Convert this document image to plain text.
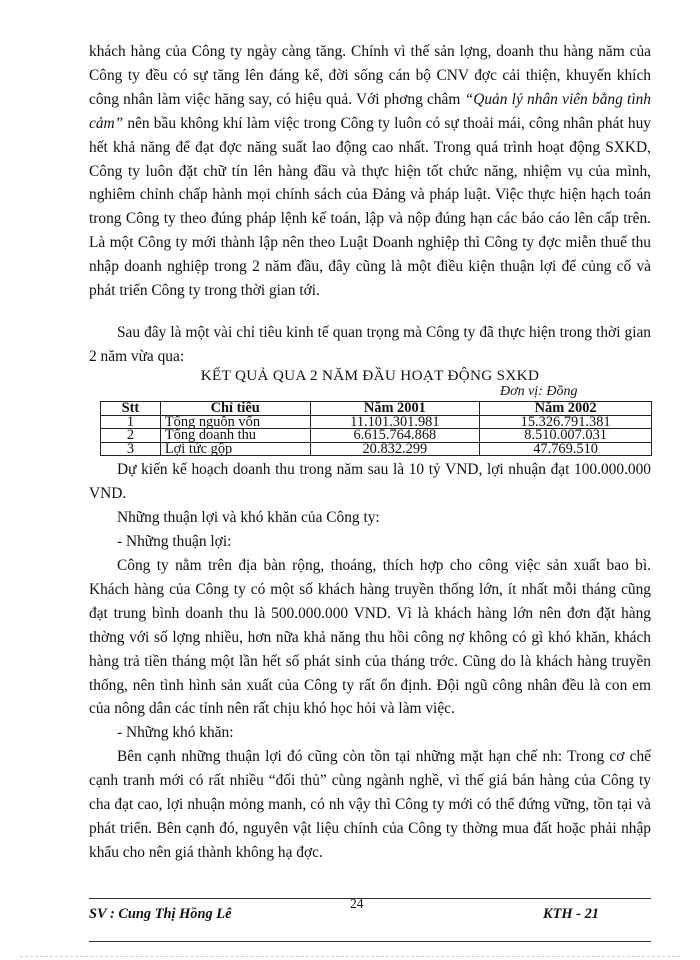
khách hàng của Công ty ngày càng tăng. Chính vì thế sản lợng, doanh thu hàng năm của Công ty đều có sự tăng lên đáng kể, đời sống cán bộ CNV đợc cải thiện, khuyến khích công nhân làm việc hăng say, có hiệu quả. Với phơng châm “Quản lý nhân viên bằng tình cảm” nên bầu không khí làm việc trong Công ty luôn có sự thoải mái, công nhân phát huy hết khả năng để đạt đợc năng suất lao động cao nhất. Trong quá trình hoạt động SXKD, Công ty luôn đặt chữ tín lên hàng đầu và thực hiện tốt chức năng, nhiệm vụ của mình, nghiêm chỉnh chấp hành mọi chính sách của Đảng và pháp luật. Việc thực hiện hạch toán trong Công ty theo đúng pháp lệnh kế toán, lập và nộp đúng hạn các báo cáo lên cấp trên. Là một Công ty mới thành lập nên theo Luật Doanh nghiệp thì Công ty đợc miễn thuế thu nhập doanh nghiệp trong 2 năm đầu, đây cũng là một điều kiện thuận lợi để củng cố và phát triển Công ty trong thời gian tới.

Sau đây là một vài chỉ tiêu kinh tế quan trọng mà Công ty đã thực hiện trong thời gian 2 năm vừa qua:

KẾT QUẢ QUA 2 NĂM ĐẦU HOẠT ĐỘNG SXKD
Đơn vị: Đồng
Stt	Chỉ tiêu	Năm 2001	Năm 2002
1	Tổng nguồn vốn	11.101.301.981	15.326.791.381
2	Tổng doanh thu	6.615.764.868	8.510.007.031
3	Lợi tức gộp	20.832.299	47.769.510

Dự kiến kế hoạch doanh thu trong năm sau là 10 tỷ VND, lợi nhuận đạt 100.000.000 VND.

Những thuận lợi và khó khăn của Công ty:

- Những thuận lợi:

Công ty nằm trên địa bàn rộng, thoáng, thích hợp cho công việc sản xuất bao bì. Khách hàng của Công ty có một số khách hàng truyền thống lớn, ít nhất mỗi tháng cũng đạt trung bình doanh thu là 500.000.000 VND. Vì là khách hàng lớn nên đơn đặt hàng thờng với số lợng nhiều, hơn nữa khả năng thu hồi công nợ không có gì khó khăn, khách hàng trả tiền tháng một lần hết số phát sinh của tháng trớc. Cũng do là khách hàng truyền thống, nên tình hình sản xuất của Công ty rất ổn định. Đội ngũ công nhân đều là con em của nông dân các tỉnh nên rất chịu khó học hỏi và làm việc.

- Những khó khăn:

Bên cạnh những thuận lợi đó cũng còn tồn tại những mặt hạn chế nh: Trong cơ chế cạnh tranh mới có rất nhiều “đối thủ” cùng ngành nghề, vì thế giá bán hàng của Công ty cha đạt cao, lợi nhuận mỏng manh, có nh vậy thì Công ty mới có thể đứng vững, tồn tại và phát triển. Bên cạnh đó, nguyên vật liệu chính của Công ty thờng mua đất hoặc phải nhập khẩu cho nên giá thành không hạ đợc.

SV : Cung Thị Hồng Lê
24
KTH - 21
